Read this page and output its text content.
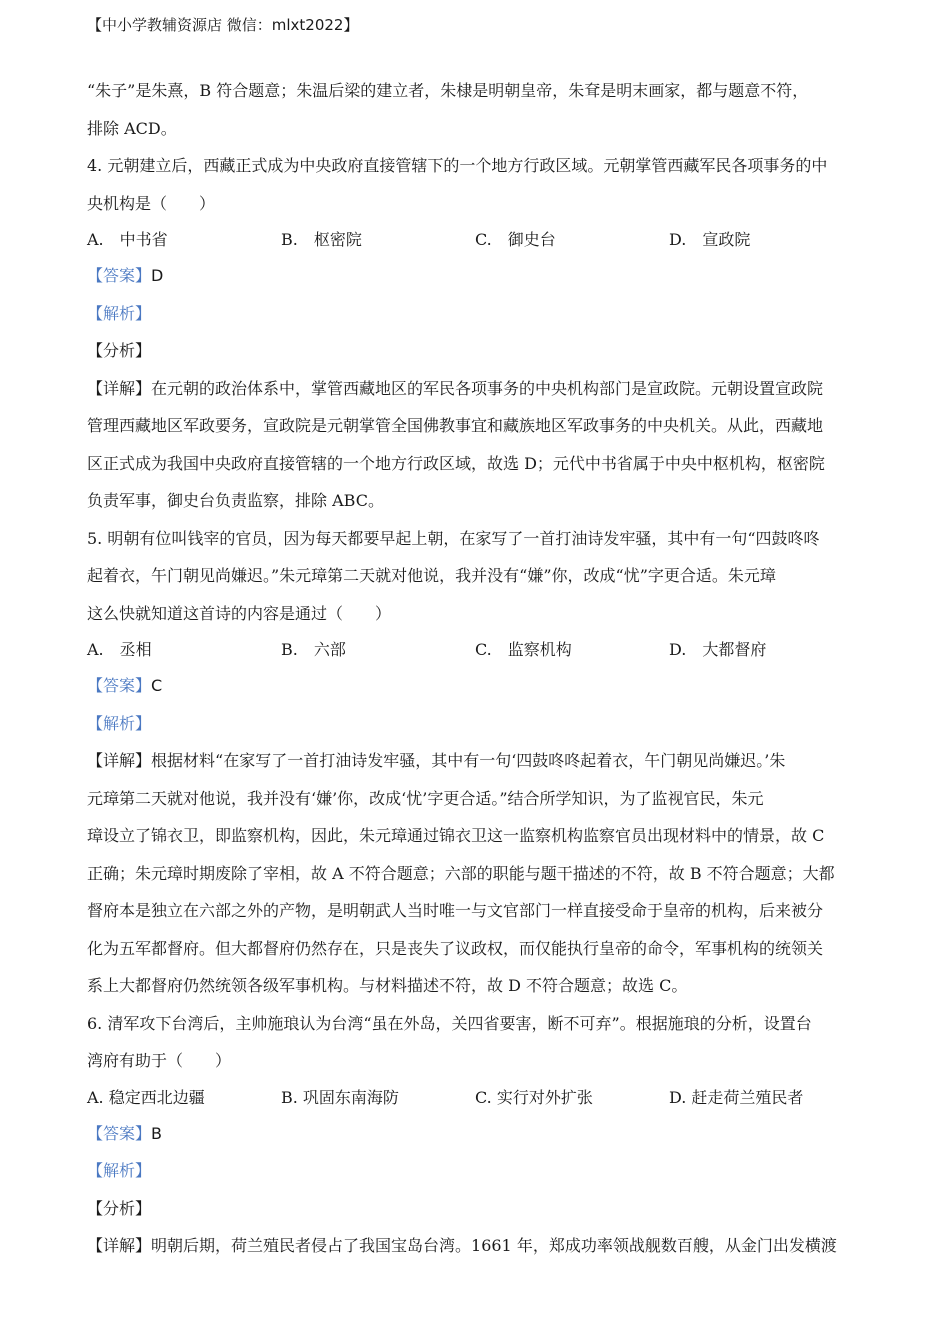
【中小学教辅资源店 微信：mlxt2022】
“朱子”是朱熹，B 符合题意；朱温后梁的建立者，朱棣是明朝皇帝，朱耷是明末画家，都与题意不符，
排除 ACD。
4. 元朝建立后，西藏正式成为中央政府直接管辖下的一个地方行政区域。元朝掌管西藏军民各项事务的中
央机构是（　　）
A.　中书省	B.　枢密院	C.　御史台	D.　宣政院
【答案】D
【解析】
【分析】
【详解】在元朝的政治体系中，掌管西藏地区的军民各项事务的中央机构部门是宣政院。元朝设置宣政院
管理西藏地区军政要务，宣政院是元朝掌管全国佛教事宜和藏族地区军政事务的中央机关。从此，西藏地
区正式成为我国中央政府直接管辖的一个地方行政区域，故选 D；元代中书省属于中央中枢机构，枢密院
负责军事，御史台负责监察，排除 ABC。
5. 明朝有位叫钱宰的官员，因为每天都要早起上朝，在家写了一首打油诗发牢骚，其中有一句“四鼓咚咚
起着衣，午门朝见尚嫌迟。”朱元璋第二天就对他说，我并没有“嫌”你，改成“忧”字更合适。朱元璋
这么快就知道这首诗的内容是通过（　　）
A.　丞相	B.　六部	C.　监察机构	D.　大都督府
【答案】C
【解析】
【详解】根据材料“在家写了一首打油诗发牢骚，其中有一句‘四鼓咚咚起着衣，午门朝见尚嫌迟。’朱
元璋第二天就对他说，我并没有‘嫌’你，改成‘忧’字更合适。”结合所学知识，为了监视官民，朱元
璋设立了锦衣卫，即监察机构，因此，朱元璋通过锦衣卫这一监察机构监察官员出现材料中的情景，故 C
正确；朱元璋时期废除了宰相，故 A 不符合题意；六部的职能与题干描述的不符，故 B 不符合题意；大都
督府本是独立在六部之外的产物，是明朝武人当时唯一与文官部门一样直接受命于皇帝的机构，后来被分
化为五军都督府。但大都督府仍然存在，只是丧失了议政权，而仅能执行皇帝的命令，军事机构的统领关
系上大都督府仍然统领各级军事机构。与材料描述不符，故 D 不符合题意；故选 C。
6. 清军攻下台湾后，主帅施琅认为台湾“虽在外岛，关四省要害，断不可弃”。根据施琅的分析，设置台
湾府有助于（　　）
A. 稳定西北边疆	B. 巩固东南海防	C. 实行对外扩张	D. 赶走荷兰殖民者
【答案】B
【解析】
【分析】
【详解】明朝后期，荷兰殖民者侵占了我国宝岛台湾。1661 年，郑成功率领战舰数百艘，从金门出发横渡
